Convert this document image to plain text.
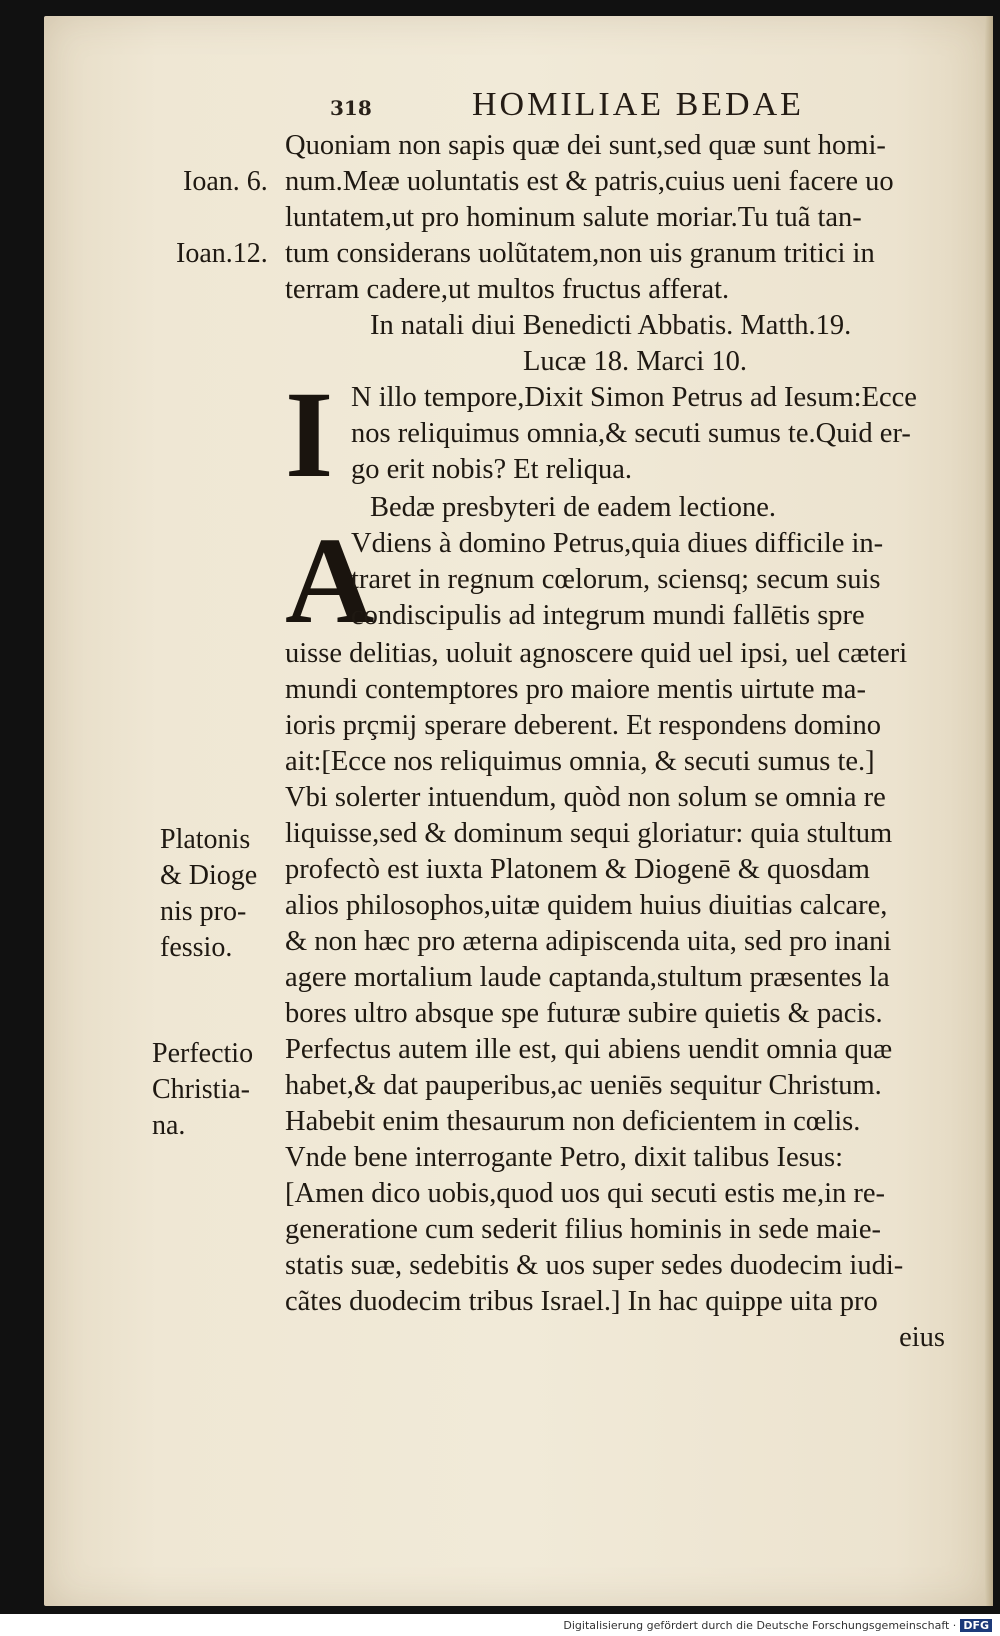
318	HOMILIAE BEDAE
Ioan. 6.
Ioan.12.
Platonis
& Dioge
nis pro-
fessio.
Perfectio
Christia-
na.
Quoniam non sapis quæ dei sunt,sed quæ sunt homi-
num.Meæ uoluntatis est & patris,cuius ueni facere uo
luntatem,ut pro hominum salute moriar.Tu tuã tan-
tum considerans uolũtatem,non uis granum tritici in
terram cadere,ut multos fructus afferat.
In natali diui Benedicti Abbatis. Matth.19.
Lucæ 18. Marci 10.
I N illo tempore,Dixit Simon Petrus ad Iesum:Ecce
nos reliquimus omnia,& secuti sumus te.Quid er-
go erit nobis? Et reliqua.
Bedæ presbyteri de eadem lectione.
A
Vdiens à domino Petrus,quia diues difficile in-
traret in regnum cœlorum, sciensq; secum suis
condiscipulis ad integrum mundi fallētis spre
uisse delitias, uoluit agnoscere quid uel ipsi, uel cæteri
mundi contemptores pro maiore mentis uirtute ma-
ioris prçmij sperare deberent. Et respondens domino
ait:[Ecce nos reliquimus omnia, & secuti sumus te.]
Vbi solerter intuendum, quòd non solum se omnia re
liquisse,sed & dominum sequi gloriatur: quia stultum
profectò est iuxta Platonem & Diogenē & quosdam
alios philosophos,uitæ quidem huius diuitias calcare,
& non hæc pro æterna adipiscenda uita, sed pro inani
agere mortalium laude captanda,stultum præsentes la
bores ultro absque spe futuræ subire quietis & pacis.
Perfectus autem ille est, qui abiens uendit omnia quæ
habet,& dat pauperibus,ac ueniēs sequitur Christum.
Habebit enim thesaurum non deficientem in cœlis.
Vnde bene interrogante Petro, dixit talibus Iesus:
[Amen dico uobis,quod uos qui secuti estis me,in re-
generatione cum sederit filius hominis in sede maie-
statis suæ, sedebitis & uos super sedes duodecim iudi-
cãtes duodecim tribus Israel.] In hac quippe uita pro
eius
Digitalisierung gefördert durch die Deutsche Forschungsgemeinschaft · DFG
